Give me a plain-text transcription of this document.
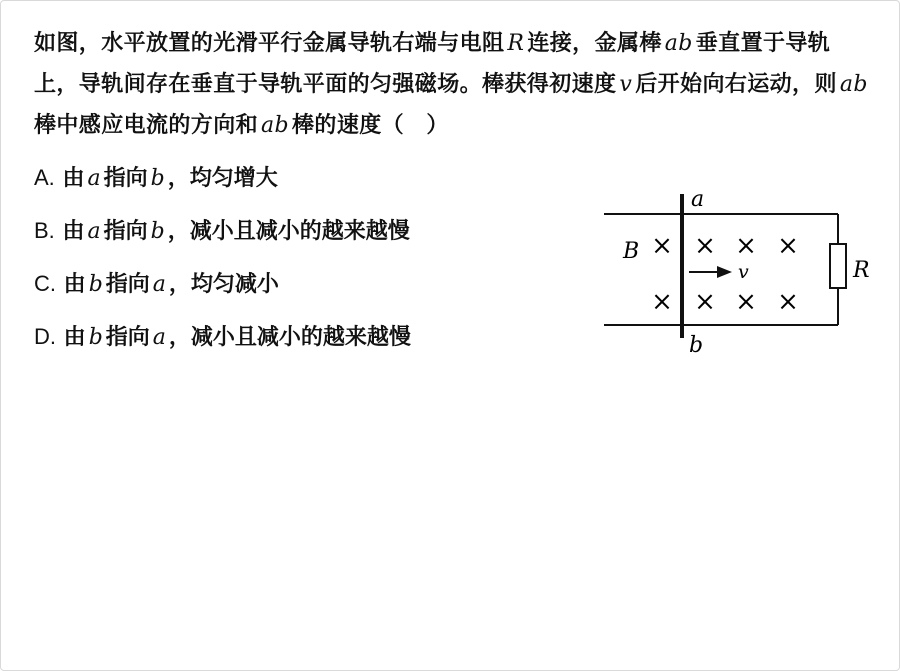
如图，水平放置的光滑平行金属导轨右端与电阻 R 连接，金属棒 ab 垂直置于导轨上，导轨间存在垂直于导轨平面的匀强磁场。棒获得初速度 v 后开始向右运动，则 ab棒中感应电流的方向和 ab 棒的速度（　）
A. 由 a 指向 b ，均匀增大
B. 由 a 指向 b ，减小且减小的越来越慢
C. 由 b 指向 a ，均匀减小
D. 由 b 指向 a ，减小且减小的越来越慢
a
b
B
R
v
× × × ×
× × × ×
